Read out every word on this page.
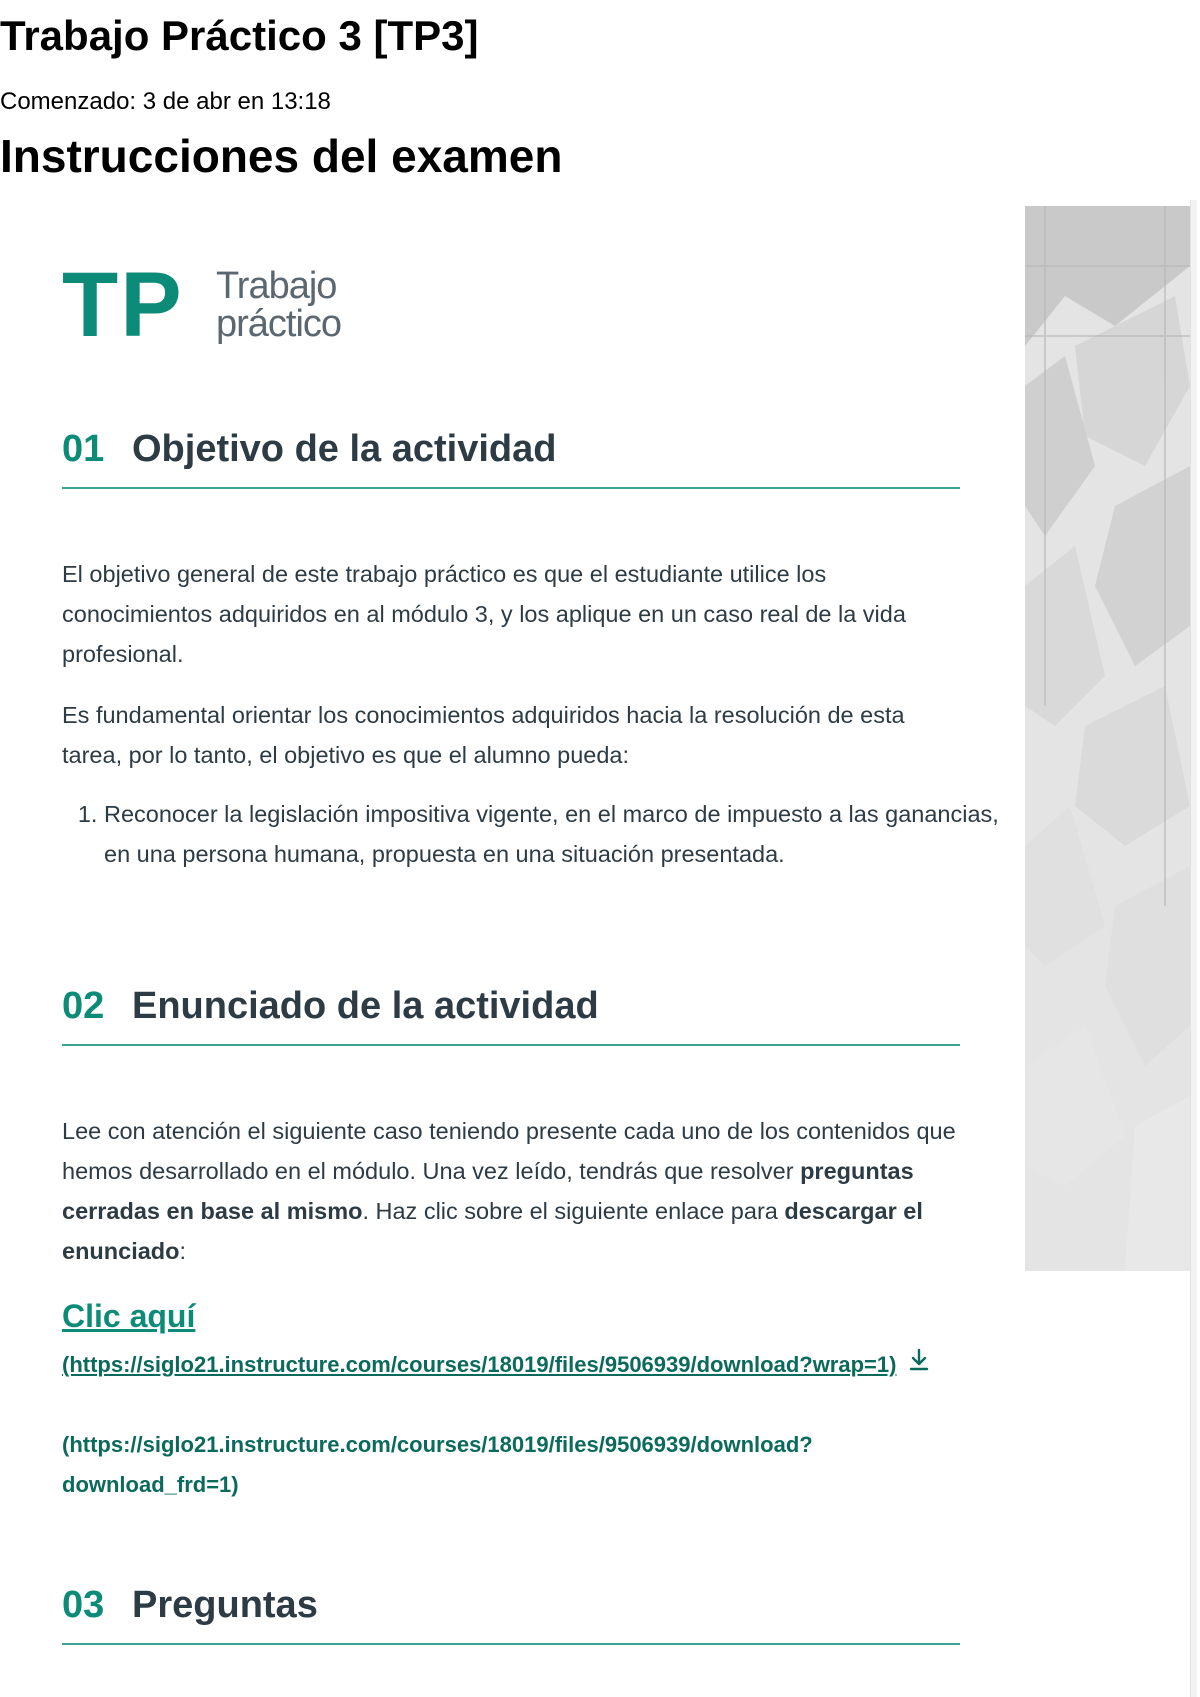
Trabajo Práctico 3 [TP3]
Comenzado: 3 de abr en 13:18
Instrucciones del examen
TP Trabajo
práctico
01 Objetivo de la actividad

El objetivo general de este trabajo práctico es que el estudiante utilice los conocimientos adquiridos en al módulo 3, y los aplique en un caso real de la vida profesional.

Es fundamental orientar los conocimientos adquiridos hacia la resolución de esta tarea, por lo tanto, el objetivo es que el alumno pueda:

1. Reconocer la legislación impositiva vigente, en el marco de impuesto a las ganancias, en una persona humana, propuesta en una situación presentada.
02 Enunciado de la actividad

Lee con atención el siguiente caso teniendo presente cada uno de los contenidos que hemos desarrollado en el módulo. Una vez leído, tendrás que resolver preguntas cerradas en base al mismo. Haz clic sobre el siguiente enlace para descargar el enunciado:

Clic aquí
(https://siglo21.instructure.com/courses/18019/files/9506939/download?wrap=1)
(https://siglo21.instructure.com/courses/18019/files/9506939/download?download_frd=1)
03 Preguntas
